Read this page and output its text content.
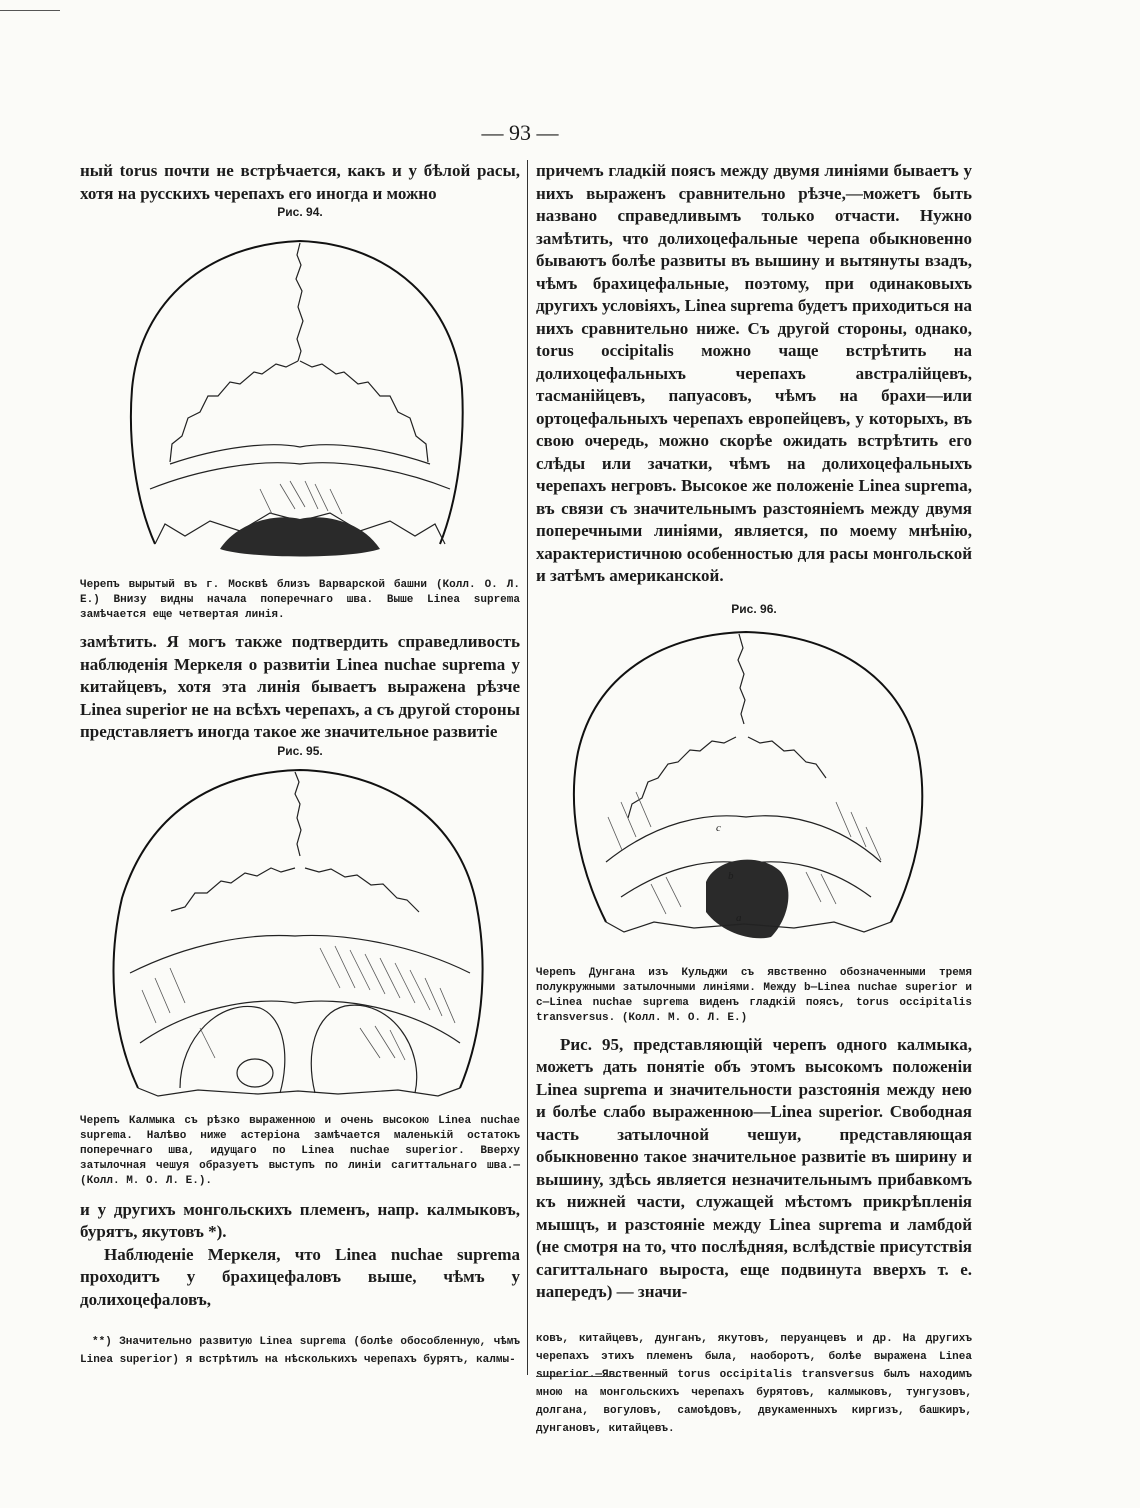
— 93 —

ный torus почти не встрѣчается, какъ и у бѣлой расы, хотя на русскихъ черепахъ его иногда и можно

Рис. 94.

Черепъ вырытый въ г. Москвѣ близъ Варварской башни (Колл. О. Л. Е.) Внизу видны начала поперечнаго шва. Выше Linea suprema замѣчается еще четвертая линія.

замѣтить. Я могъ также подтвердить справедливость наблюденія Меркеля о развитіи Linea nuchae suprema у китайцевъ, хотя эта линія бываетъ выражена рѣзче Linea superior не на всѣхъ черепахъ, а съ другой стороны представляетъ иногда такое же значительное развитіе

Рис. 95.

Черепъ Калмыка съ рѣзко выраженною и очень высокою Linea nuchae suprema. Налѣво ниже астеріона замѣчается маленькій остатокъ поперечнаго шва, идущаго по Linea nuchae superior. Вверху затылочная чешуя образуетъ выступъ по линіи сагиттальнаго шва.—(Колл. М. О. Л. Е.).

и у другихъ монгольскихъ племенъ, напр. калмыковъ, бурятъ, якутовъ *).

Наблюденіе Меркеля, что Linea nuchae suprema проходитъ у брахицефаловъ выше, чѣмъ у долихоцефаловъ,

**) Значительно развитую Linea suprema (болѣе обособленную, чѣмъ Linea superior) я встрѣтилъ на нѣсколькихъ черепахъ бурятъ, калмы-

причемъ гладкій поясъ между двумя линіями бываетъ у нихъ выраженъ сравнительно рѣзче,—можетъ быть названо справедливымъ только отчасти. Нужно замѣтить, что долихоцефальные черепа обыкновенно бываютъ болѣе развиты въ вышину и вытянуты взадъ, чѣмъ брахицефальные, поэтому, при одинаковыхъ другихъ условіяхъ, Linea suprema будетъ приходиться на нихъ сравнительно ниже. Съ другой стороны, однако, torus occipitalis можно чаще встрѣтить на долихоцефальныхъ черепахъ австралійцевъ, тасманійцевъ, папуасовъ, чѣмъ на брахи—или ортоцефальныхъ черепахъ европейцевъ, у которыхъ, въ свою очередь, можно скорѣе ожидать встрѣтить его слѣды или зачатки, чѣмъ на долихоцефальныхъ черепахъ негровъ. Высокое же положеніе Linea suprema, въ связи съ значительнымъ разстояніемъ между двумя поперечными линіями, является, по моему мнѣнію, характеристичною особенностью для расы монгольской и затѣмъ американской.

Рис. 96.

c
b
a

Черепъ Дунгана изъ Кульджи съ явственно обозначенными тремя полукружными затылочными линіями. Между b—Linea nuchae superior и c—Linea nuchae suprema виденъ гладкій поясъ, torus occipitalis transversus. (Колл. М. О. Л. Е.)

Рис. 95, представляющій черепъ одного калмыка, можетъ дать понятіе объ этомъ высокомъ положеніи Linea suprema и значительности разстоянія между нею и болѣе слабо выраженною—Linea superior. Свободная часть затылочной чешуи, представляющая обыкновенно такое значительное развитіе въ ширину и вышину, здѣсь является незначительнымъ прибавкомъ къ нижней части, служащей мѣстомъ прикрѣпленія мышцъ, и разстояніе между Linea suprema и ламбдой (не смотря на то, что послѣдняя, вслѣдствіе присутствія сагиттальнаго выроста, еще подвинута вверхъ т. е. напередъ) — значи-

ковъ, китайцевъ, дунганъ, якутовъ, перуанцевъ и др. На другихъ черепахъ этихъ племенъ была, наоборотъ, болѣе выражена Linea superior.—Явственный torus occipitalis transversus былъ находимъ мною на монгольскихъ черепахъ бурятовъ, калмыковъ, тунгузовъ, долгана, вогуловъ, самоѣдовъ, двукаменныхъ киргизъ, башкиръ, дунгановъ, китайцевъ.
